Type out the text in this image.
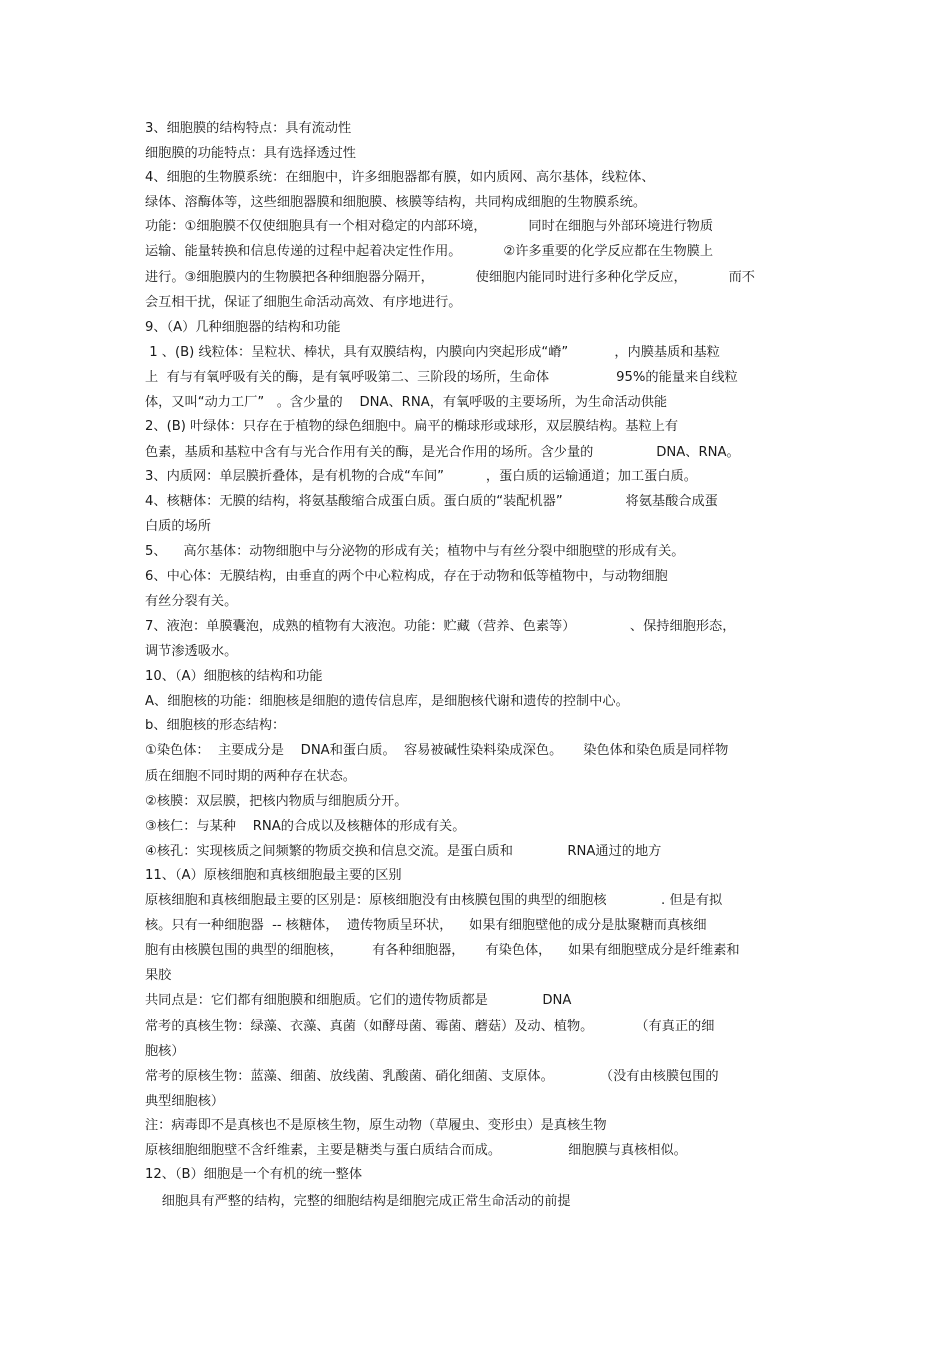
3、细胞膜的结构特点：具有流动性
细胞膜的功能特点：具有选择透过性
4、细胞的生物膜系统：在细胞中，许多细胞器都有膜，如内质网、高尔基体，线粒体、
绿体、溶酶体等，这些细胞器膜和细胞膜、核膜等结构，共同构成细胞的生物膜系统。
功能：①细胞膜不仅使细胞具有一个相对稳定的内部环境，          同时在细胞与外部环境进行物质
运输、能量转换和信息传递的过程中起着决定性作用。          ②许多重要的化学反应都在生物膜上
进行。③细胞膜内的生物膜把各种细胞器分隔开，          使细胞内能同时进行多种化学反应，          而不
会互相干扰，保证了细胞生命活动高效、有序地进行。
9、（A）几种细胞器的结构和功能
1 、(B) 线粒体：呈粒状、棒状，具有双膜结构，内膜向内突起形成“嵴”           ，内膜基质和基粒
上  有与有氧呼吸有关的酶，是有氧呼吸第二、三阶段的场所，生命体                95%的能量来自线粒
体，又叫“动力工厂”   。含少量的    DNA、RNA，有氧呼吸的主要场所，为生命活动供能
2、(B) 叶绿体：只存在于植物的绿色细胞中。扁平的椭球形或球形，双层膜结构。基粒上有
色素，基质和基粒中含有与光合作用有关的酶，是光合作用的场所。含少量的               DNA、RNA。
3、内质网：单层膜折叠体，是有机物的合成“车间”          ，蛋白质的运输通道；加工蛋白质。
4、核糖体：无膜的结构，将氨基酸缩合成蛋白质。蛋白质的“装配机器”               将氨基酸合成蛋
白质的场所
5、    高尔基体：动物细胞中与分泌物的形成有关；植物中与有丝分裂中细胞壁的形成有关。
6、中心体：无膜结构，由垂直的两个中心粒构成，存在于动物和低等植物中，与动物细胞
有丝分裂有关。
7、液泡：单膜囊泡，成熟的植物有大液泡。功能：贮藏（营养、色素等）             、保持细胞形态，
调节渗透吸水。
10、（A）细胞核的结构和功能
A、细胞核的功能：细胞核是细胞的遗传信息库，是细胞核代谢和遗传的控制中心。
b、细胞核的形态结构：
①染色体：  主要成分是    DNA和蛋白质。  容易被碱性染料染成深色。     染色体和染色质是同样物
质在细胞不同时期的两种存在状态。
②核膜：双层膜，把核内物质与细胞质分开。
③核仁：与某种    RNA的合成以及核糖体的形成有关。
④核孔：实现核质之间频繁的物质交换和信息交流。是蛋白质和             RNA通过的地方
11、（A）原核细胞和真核细胞最主要的区别
原核细胞和真核细胞最主要的区别是：原核细胞没有由核膜包围的典型的细胞核             . 但是有拟
核。只有一种细胞器  -- 核糖体，  遗传物质呈环状，    如果有细胞壁他的成分是肽聚糖而真核细
胞有由核膜包围的典型的细胞核，       有各种细胞器，     有染色体，    如果有细胞壁成分是纤维素和
果胶
共同点是：它们都有细胞膜和细胞质。它们的遗传物质都是             DNA
常考的真核生物：绿藻、衣藻、真菌（如酵母菌、霉菌、蘑菇）及动、植物。          （有真正的细
胞核）
常考的原核生物：蓝藻、细菌、放线菌、乳酸菌、硝化细菌、支原体。           （没有由核膜包围的
典型细胞核）
注：病毒即不是真核也不是原核生物，原生动物（草履虫、变形虫）是真核生物
原核细胞细胞壁不含纤维素，主要是糖类与蛋白质结合而成。                细胞膜与真核相似。
12、（B）细胞是一个有机的统一整体
细胞具有严整的结构，完整的细胞结构是细胞完成正常生命活动的前提
